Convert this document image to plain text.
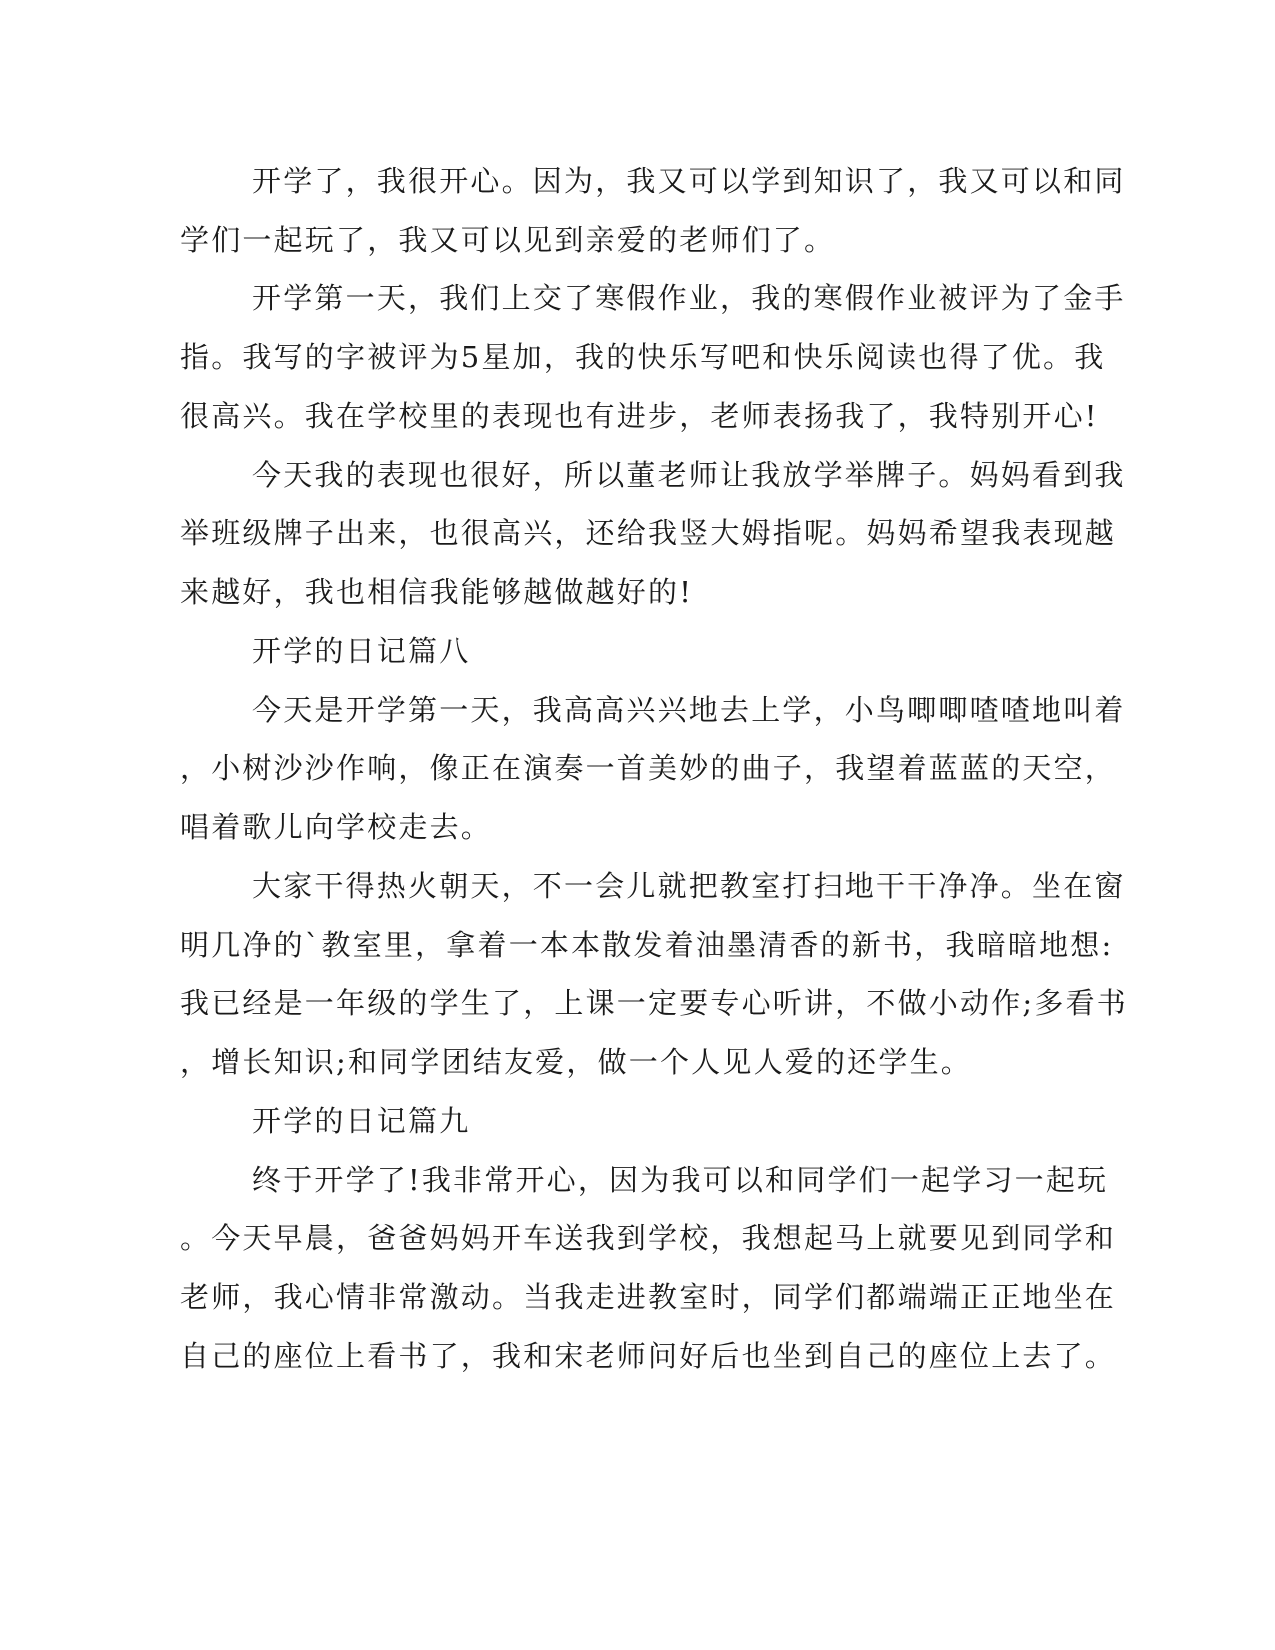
开学了，我很开心。因为，我又可以学到知识了，我又可以和同
学们一起玩了，我又可以见到亲爱的老师们了。
开学第一天，我们上交了寒假作业，我的寒假作业被评为了金手
指。我写的字被评为5星加，我的快乐写吧和快乐阅读也得了优。我
很高兴。我在学校里的表现也有进步，老师表扬我了，我特别开心!
今天我的表现也很好，所以董老师让我放学举牌子。妈妈看到我
举班级牌子出来，也很高兴，还给我竖大姆指呢。妈妈希望我表现越
来越好，我也相信我能够越做越好的!
开学的日记篇八
今天是开学第一天，我高高兴兴地去上学，小鸟唧唧喳喳地叫着
，小树沙沙作响，像正在演奏一首美妙的曲子，我望着蓝蓝的天空，
唱着歌儿向学校走去。
大家干得热火朝天，不一会儿就把教室打扫地干干净净。坐在窗
明几净的`教室里，拿着一本本散发着油墨清香的新书，我暗暗地想:
我已经是一年级的学生了，上课一定要专心听讲，不做小动作;多看书
，增长知识;和同学团结友爱，做一个人见人爱的还学生。
开学的日记篇九
终于开学了!我非常开心，因为我可以和同学们一起学习一起玩
。今天早晨，爸爸妈妈开车送我到学校，我想起马上就要见到同学和
老师，我心情非常激动。当我走进教室时，同学们都端端正正地坐在
自己的座位上看书了，我和宋老师问好后也坐到自己的座位上去了。
